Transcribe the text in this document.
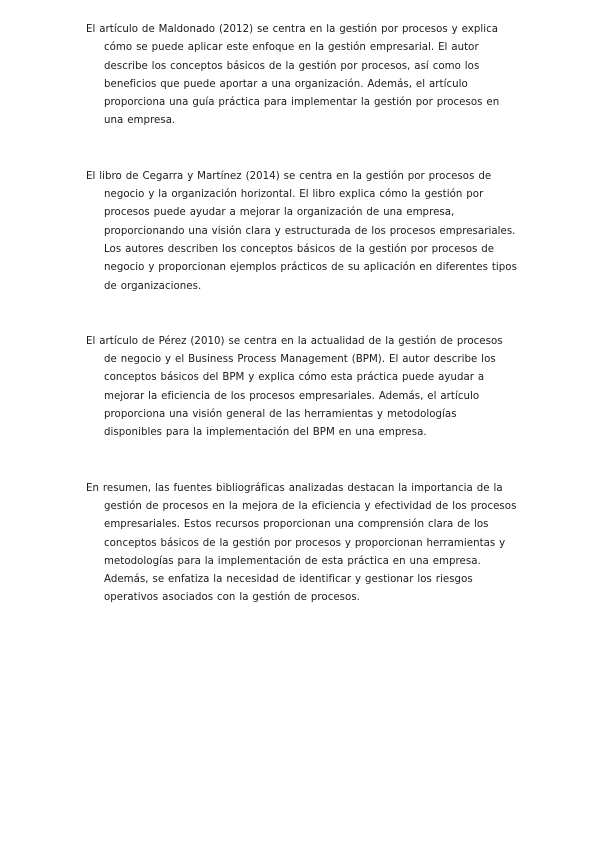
El artículo de Maldonado (2012) se centra en la gestión por procesos y explica cómo se puede aplicar este enfoque en la gestión empresarial. El autor describe los conceptos básicos de la gestión por procesos, así como los beneficios que puede aportar a una organización. Además, el artículo proporciona una guía práctica para implementar la gestión por procesos en una empresa.

El libro de Cegarra y Martínez (2014) se centra en la gestión por procesos de negocio y la organización horizontal. El libro explica cómo la gestión por procesos puede ayudar a mejorar la organización de una empresa, proporcionando una visión clara y estructurada de los procesos empresariales. Los autores describen los conceptos básicos de la gestión por procesos de negocio y proporcionan ejemplos prácticos de su aplicación en diferentes tipos de organizaciones.

El artículo de Pérez (2010) se centra en la actualidad de la gestión de procesos de negocio y el Business Process Management (BPM). El autor describe los conceptos básicos del BPM y explica cómo esta práctica puede ayudar a mejorar la eficiencia de los procesos empresariales. Además, el artículo proporciona una visión general de las herramientas y metodologías disponibles para la implementación del BPM en una empresa.

En resumen, las fuentes bibliográficas analizadas destacan la importancia de la gestión de procesos en la mejora de la eficiencia y efectividad de los procesos empresariales. Estos recursos proporcionan una comprensión clara de los conceptos básicos de la gestión por procesos y proporcionan herramientas y metodologías para la implementación de esta práctica en una empresa. Además, se enfatiza la necesidad de identificar y gestionar los riesgos operativos asociados con la gestión de procesos.
